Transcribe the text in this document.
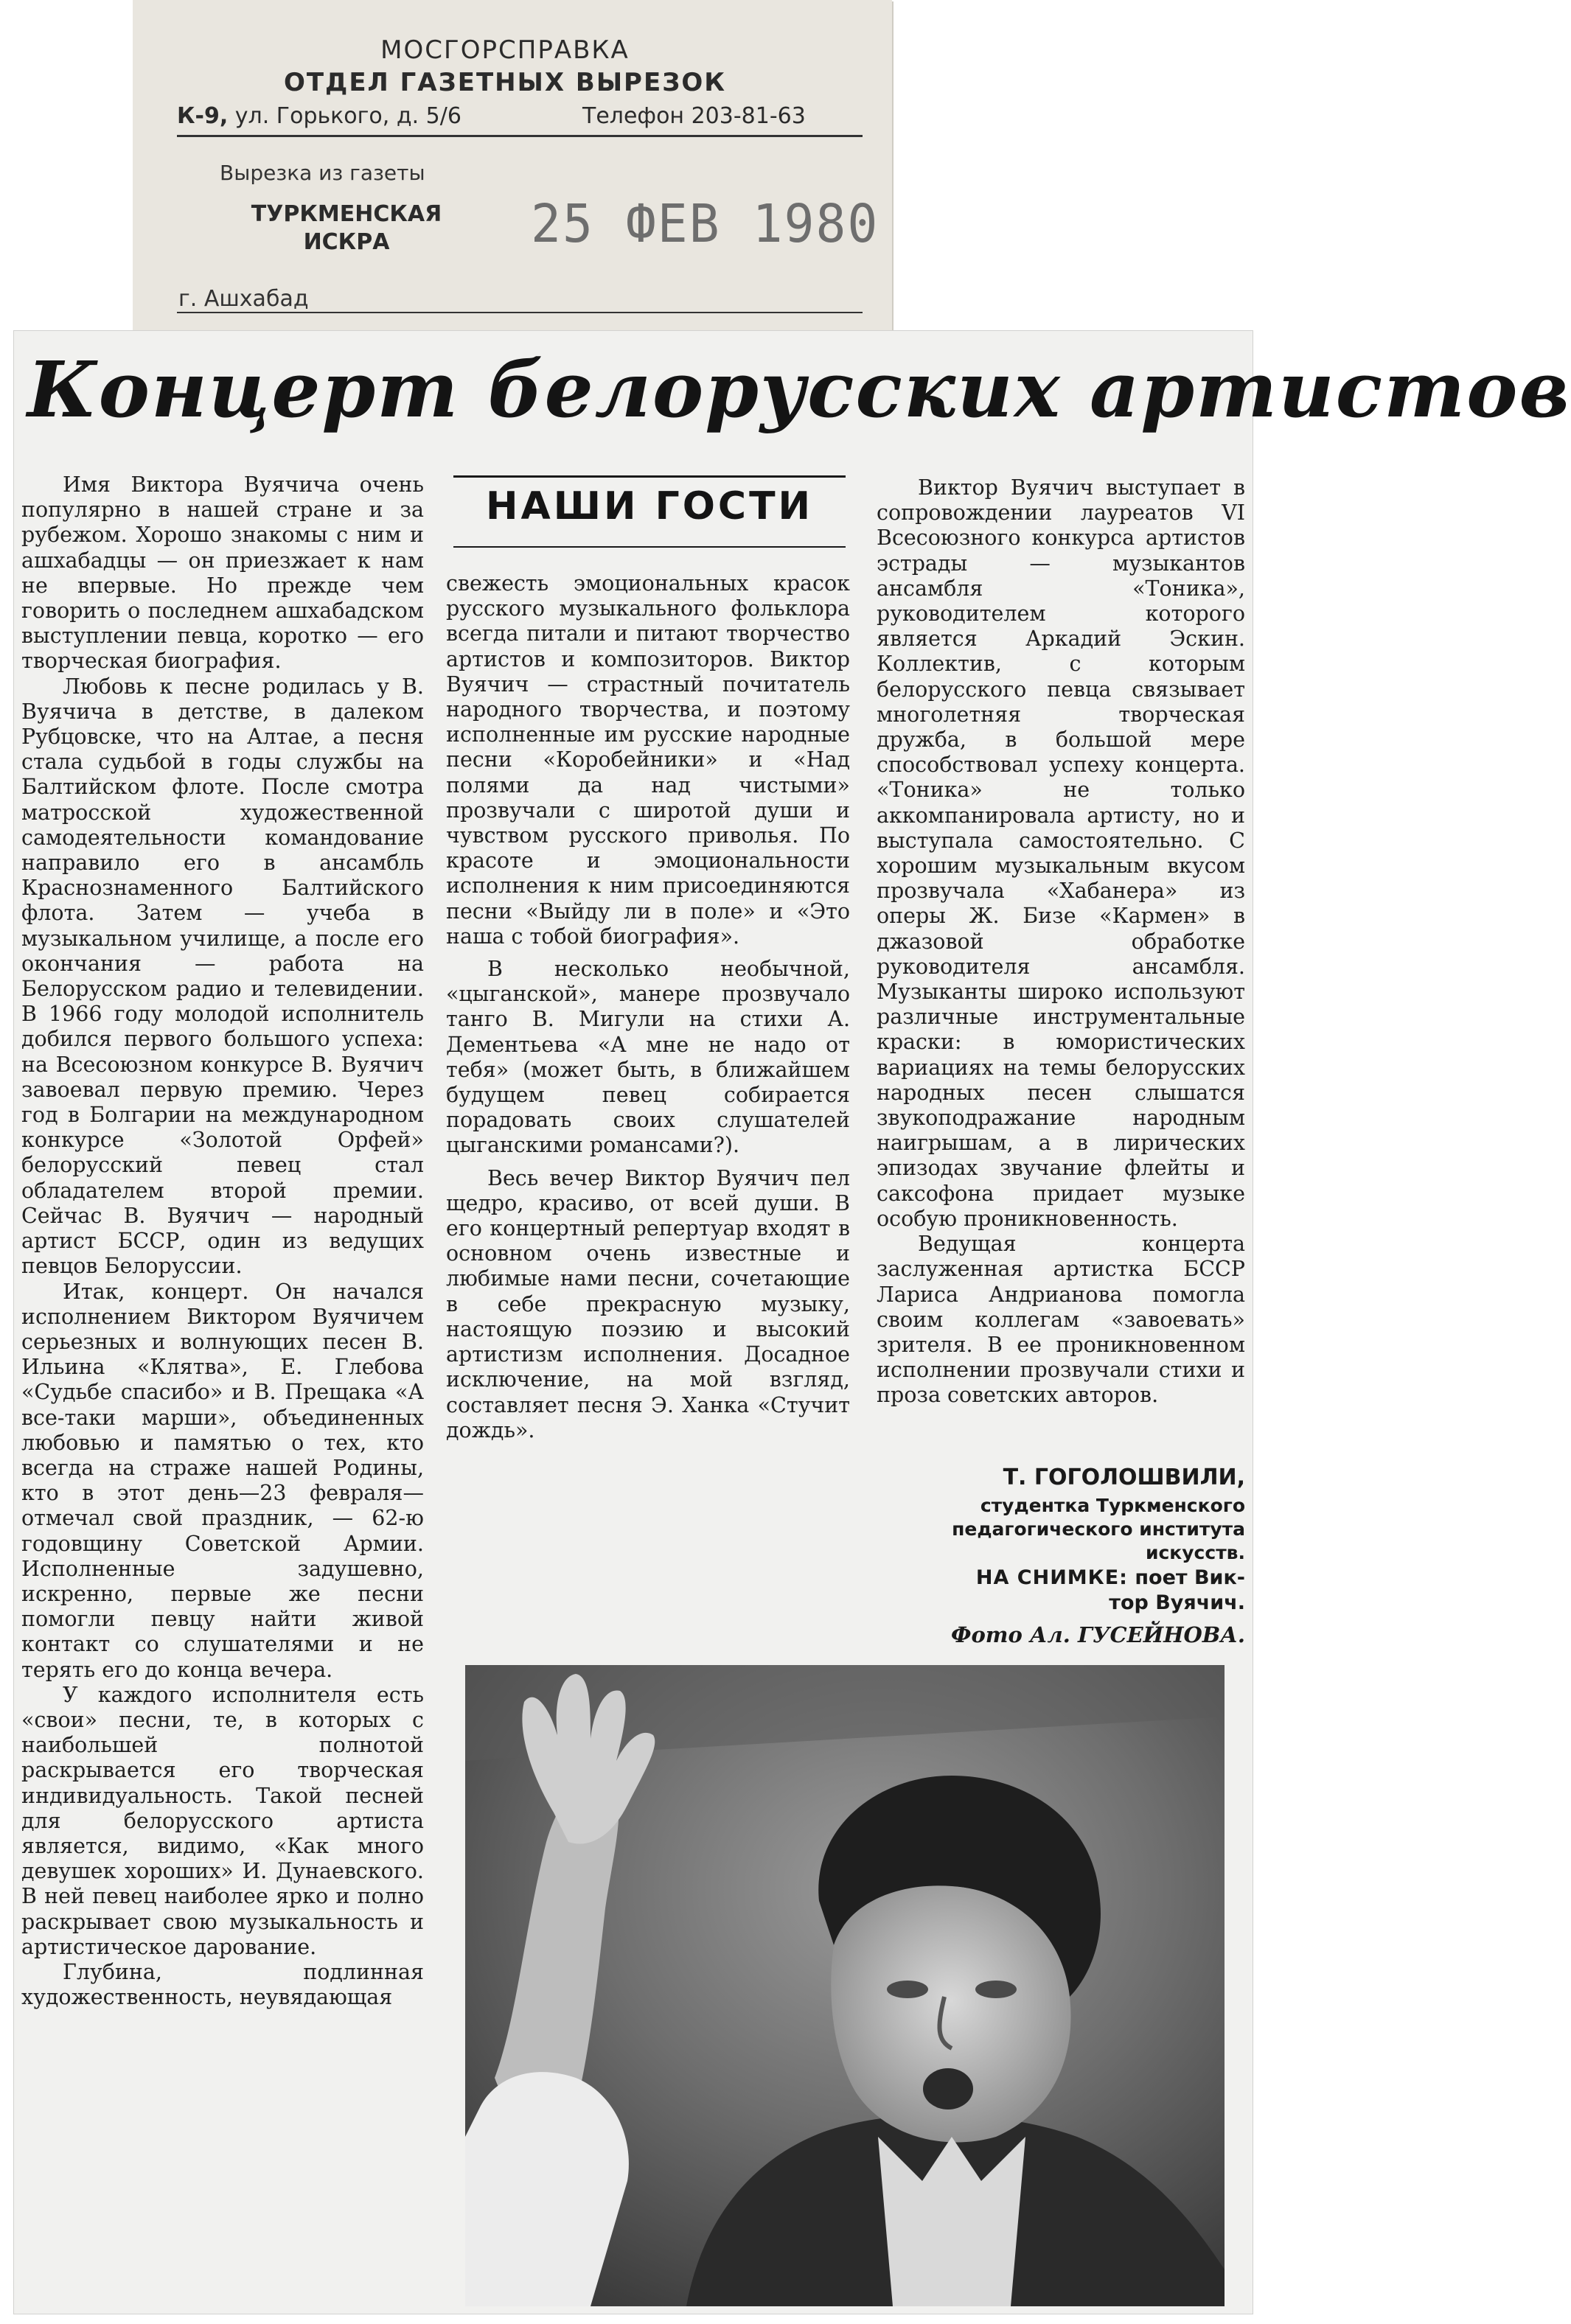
МОСГОРСПРАВКА
ОТДЕЛ ГАЗЕТНЫХ ВЫРЕЗОК
К-9, ул. Горького, д. 5/6	Телефон 203-81-63
Вырезка из газеты
ТУРКМЕНСКАЯ
ИСКРА	25 ФЕВ 1980
г. Ашхабад
Концерт белорусских артистов

Имя Виктора Вуячича очень популярно в нашей стране и за рубежом. Хорошо знакомы с ним и ашхабадцы — он приезжает к нам не впервые. Но прежде чем говорить о последнем ашхабадском выступлении певца, коротко — его творческая биография.

Любовь к песне родилась у В. Вуячича в детстве, в далеком Рубцовске, что на Алтае, а песня стала судьбой в годы службы на Балтийском флоте. После смотра матросской художественной самодеятельности командование направило его в ансамбль Краснознаменного Балтийского флота. Затем — учеба в музыкальном училище, а после его окончания — работа на Белорусском радио и телевидении. В 1966 году молодой исполнитель добился первого большого успеха: на Всесоюзном конкурсе В. Вуячич завоевал первую премию. Через год в Болгарии на международном конкурсе «Золотой Орфей» белорусский певец стал обладателем второй премии. Сейчас В. Вуячич — народный артист БССР, один из ведущих певцов Белоруссии.

Итак, концерт. Он начался исполнением Виктором Вуячичем серьезных и волнующих песен В. Ильина «Клятва», Е. Глебова «Судьбе спасибо» и В. Прещака «А все-таки марши», объединенных любовью и памятью о тех, кто всегда на страже нашей Родины, кто в этот день—23 февраля—отмечал свой праздник, — 62-ю годовщину Советской Армии. Исполненные задушевно, искренно, первые же песни помогли певцу найти живой контакт со слушателями и не терять его до конца вечера.

У каждого исполнителя есть «свои» песни, те, в которых с наибольшей полнотой раскрывается его творческая индивидуальность. Такой песней для белорусского артиста является, видимо, «Как много девушек хороших» И. Дунаевского. В ней певец наиболее ярко и полно раскрывает свою музыкальность и артистическое дарование.

Глубина, подлинная художественность, неувядающая

НАШИ ГОСТИ

свежесть эмоциональных красок русского музыкального фольклора всегда питали и питают творчество артистов и композиторов. Виктор Вуячич — страстный почитатель народного творчества, и поэтому исполненные им русские народные песни «Коробейники» и «Над полями да над чистыми» прозвучали с широтой души и чувством русского приволья. По красоте и эмоциональности исполнения к ним присоединяются песни «Выйду ли в поле» и «Это наша с тобой биография».

В несколько необычной, «цыганской», манере прозвучало танго В. Мигули на стихи А. Дементьева «А мне не надо от тебя» (может быть, в ближайшем будущем певец собирается порадовать своих слушателей цыганскими романсами?).

Весь вечер Виктор Вуячич пел щедро, красиво, от всей души. В его концертный репертуар входят в основном очень известные и любимые нами песни, сочетающие в себе прекрасную музыку, настоящую поэзию и высокий артистизм исполнения. Досадное исключение, на мой взгляд, составляет песня Э. Ханка «Стучит дождь».

Виктор Вуячич выступает в сопровождении лауреатов VI Всесоюзного конкурса артистов эстрады — музыкантов ансамбля «Тоника», руководителем которого является Аркадий Эскин. Коллектив, с которым белорусского певца связывает многолетняя творческая дружба, в большой мере способствовал успеху концерта. «Тоника» не только аккомпанировала артисту, но и выступала самостоятельно. С хорошим музыкальным вкусом прозвучала «Хабанера» из оперы Ж. Бизе «Кармен» в джазовой обработке руководителя ансамбля. Музыканты широко используют различные инструментальные краски: в юмористических вариациях на темы белорусских народных песен слышатся звукоподражание народным наигрышам, а в лирических эпизодах звучание флейты и саксофона придает музыке особую проникновенность.

Ведущая концерта заслуженная артистка БССР Лариса Андрианова помогла своим коллегам «завоевать» зрителя. В ее проникновенном исполнении прозвучали стихи и проза советских авторов.

Т. ГОГОЛОШВИЛИ,
студентка Туркменского
педагогического института
искусств.
НА СНИМКЕ: поет Вик-
тор Вуячич.
Фото Ал. ГУСЕЙНОВА.
